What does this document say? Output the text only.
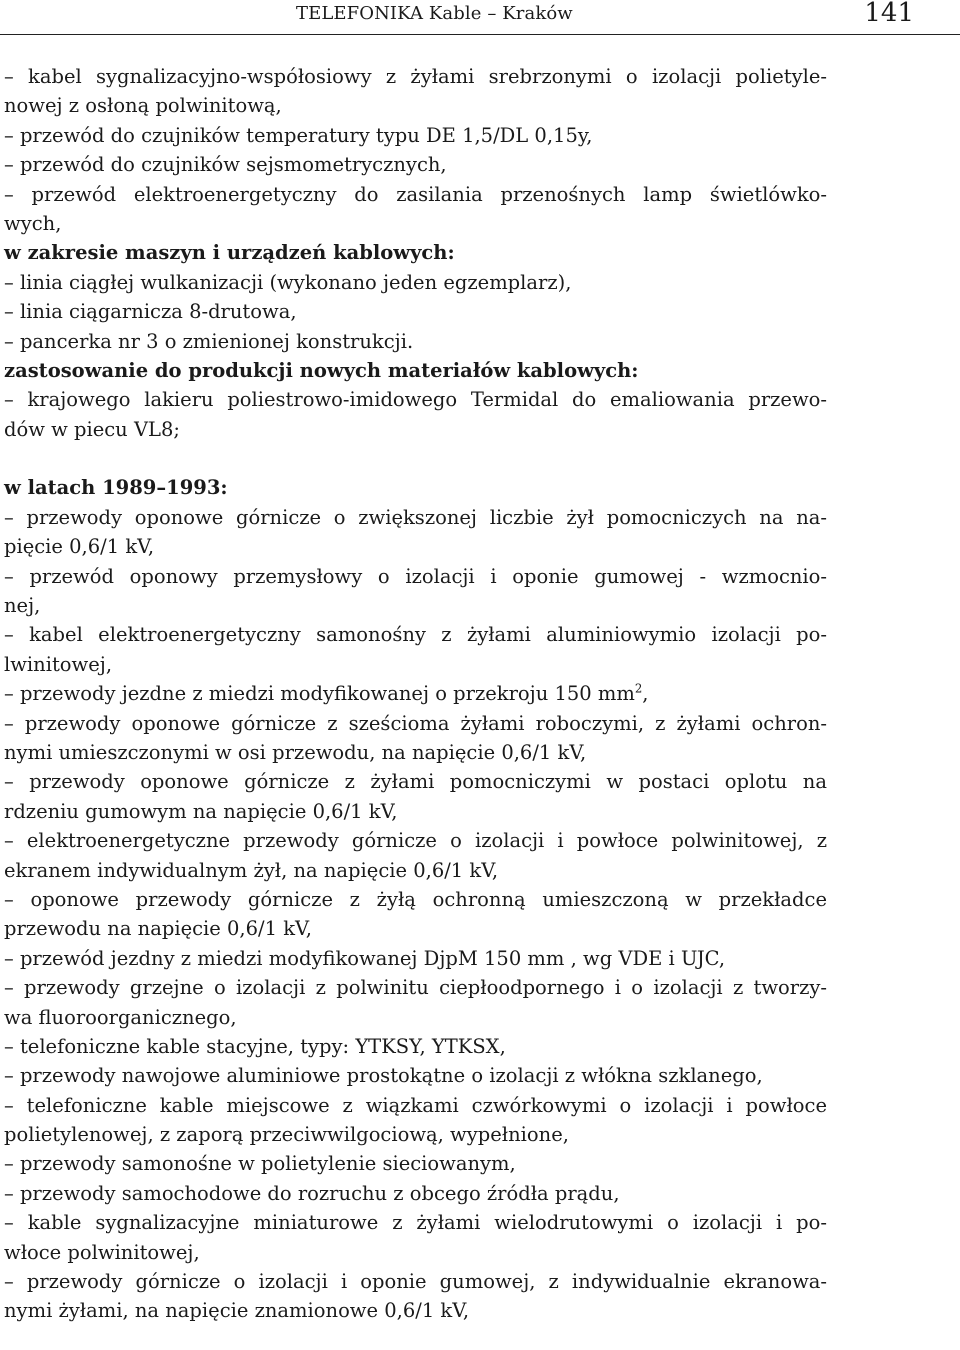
TELEFONIKA Kable – Kraków	141
– kabel sygnalizacyjno-współosiowy z żyłami srebrzonymi o izolacji polietyle-
nowej z osłoną polwinitową,
– przewód do czujników temperatury typu DE 1,5/DL 0,15y,
– przewód do czujników sejsmometrycznych,
– przewód elektroenergetyczny do zasilania przenośnych lamp świetlówko-
wych,
w zakresie maszyn i urządzeń kablowych:
– linia ciągłej wulkanizacji (wykonano jeden egzemplarz),
– linia ciągarnicza 8-drutowa,
– pancerka nr 3 o zmienionej konstrukcji.
zastosowanie do produkcji nowych materiałów kablowych:
– krajowego lakieru poliestrowo-imidowego Termidal do emaliowania przewo-
dów w piecu VL8;
w latach 1989–1993:
– przewody oponowe górnicze o zwiększonej liczbie żył pomocniczych na na-
pięcie 0,6/1 kV,
– przewód oponowy przemysłowy o izolacji i oponie gumowej - wzmocnio-
nej,
– kabel elektroenergetyczny samonośny z żyłami aluminiowymio izolacji po-
lwinitowej,
– przewody jezdne z miedzi modyfikowanej o przekroju 150 $mm^2$,
– przewody oponowe górnicze z sześcioma żyłami roboczymi, z żyłami ochron-
nymi umieszczonymi w osi przewodu, na napięcie 0,6/1 kV,
– przewody oponowe górnicze z żyłami pomocniczymi w postaci oplotu na
rdzeniu gumowym na napięcie 0,6/1 kV,
– elektroenergetyczne przewody górnicze o izolacji i powłoce polwinitowej, z
ekranem indywidualnym żył, na napięcie 0,6/1 kV,
– oponowe przewody górnicze z żyłą ochronną umieszczoną w przekładce
przewodu na napięcie 0,6/1 kV,
– przewód jezdny z miedzi modyfikowanej DjpM 150 mm , wg VDE i UJC,
– przewody grzejne o izolacji z polwinitu ciepłoodpornego i o izolacji z tworzy-
wa fluoroorganicznego,
– telefoniczne kable stacyjne, typy: YTKSY, YTKSX,
– przewody nawojowe aluminiowe prostokątne o izolacji z włókna szklanego,
– telefoniczne kable miejscowe z wiązkami czwórkowymi o izolacji i powłoce
polietylenowej, z zaporą przeciwwilgociową, wypełnione,
– przewody samonośne w polietylenie sieciowanym,
– przewody samochodowe do rozruchu z obcego źródła prądu,
– kable sygnalizacyjne miniaturowe z żyłami wielodrutowymi o izolacji i po-
włoce polwinitowej,
– przewody górnicze o izolacji i oponie gumowej, z indywidualnie ekranowa-
nymi żyłami, na napięcie znamionowe 0,6/1 kV,
